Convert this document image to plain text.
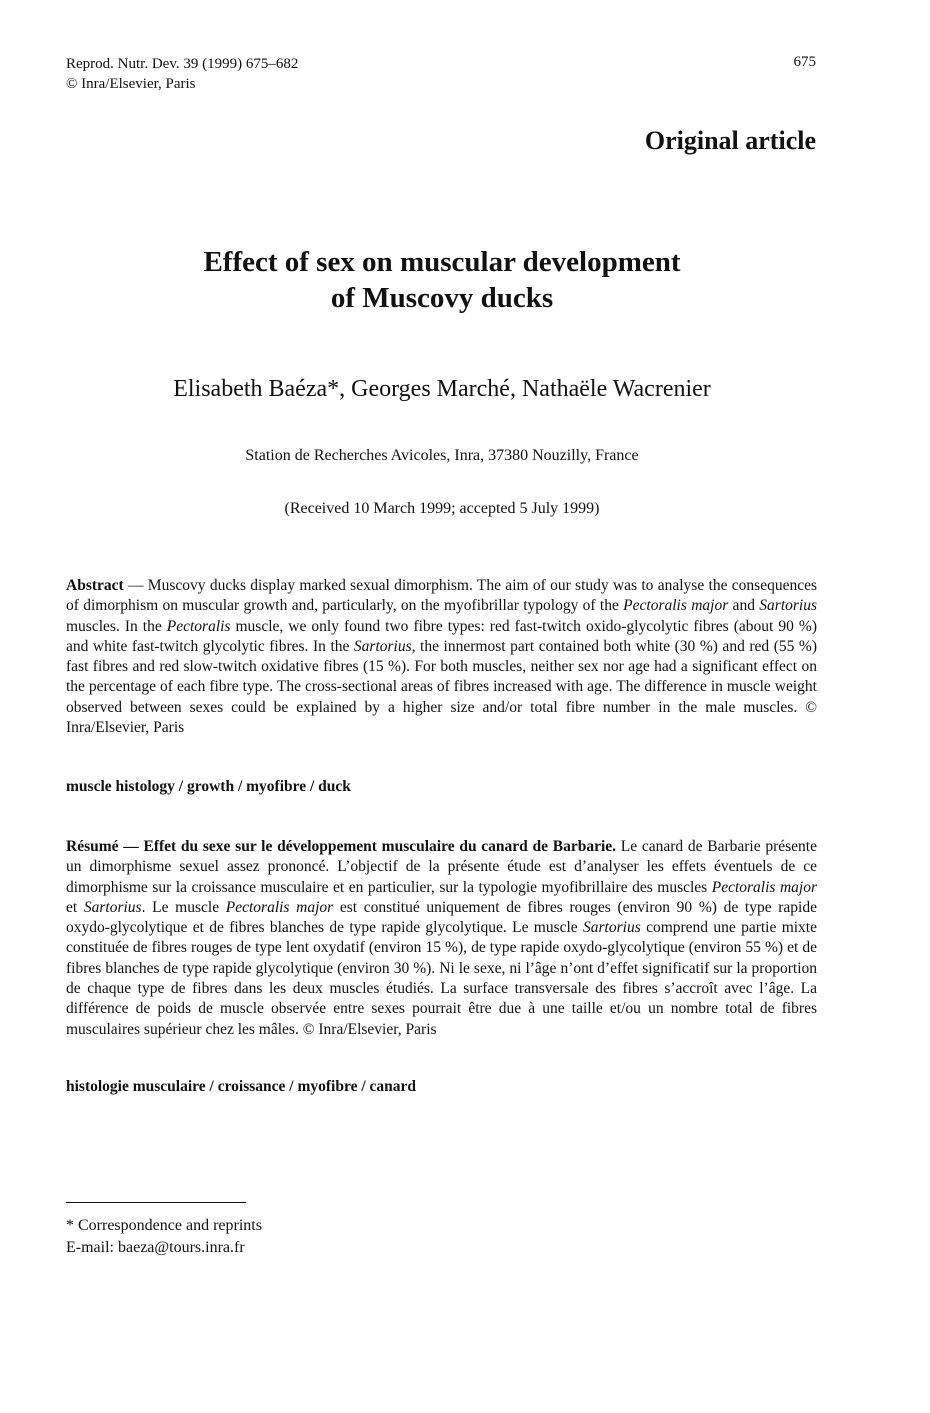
Reprod. Nutr. Dev. 39 (1999) 675–682
© Inra/Elsevier, Paris
675
Original article
Effect of sex on muscular development
of Muscovy ducks
Elisabeth Baéza*, Georges Marché, Nathaële Wacrenier
Station de Recherches Avicoles, Inra, 37380 Nouzilly, France
(Received 10 March 1999; accepted 5 July 1999)
Abstract — Muscovy ducks display marked sexual dimorphism. The aim of our study was to analyse the consequences of dimorphism on muscular growth and, particularly, on the myofibrillar typology of the Pectoralis major and Sartorius muscles. In the Pectoralis muscle, we only found two fibre types: red fast-twitch oxido-glycolytic fibres (about 90 %) and white fast-twitch glycolytic fibres. In the Sartorius, the innermost part contained both white (30 %) and red (55 %) fast fibres and red slow-twitch oxidative fibres (15 %). For both muscles, neither sex nor age had a significant effect on the percentage of each fibre type. The cross-sectional areas of fibres increased with age. The difference in muscle weight observed between sexes could be explained by a higher size and/or total fibre number in the male muscles. © Inra/Elsevier, Paris
muscle histology / growth / myofibre / duck
Résumé — Effet du sexe sur le développement musculaire du canard de Barbarie. Le canard de Barbarie présente un dimorphisme sexuel assez prononcé. L’objectif de la présente étude est d’analyser les effets éventuels de ce dimorphisme sur la croissance musculaire et en particulier, sur la typologie myofibrillaire des muscles Pectoralis major et Sartorius. Le muscle Pectoralis major est constitué uniquement de fibres rouges (environ 90 %) de type rapide oxydo-glycolytique et de fibres blanches de type rapide glycolytique. Le muscle Sartorius comprend une partie mixte constituée de fibres rouges de type lent oxydatif (environ 15 %), de type rapide oxydo-glycolytique (environ 55 %) et de fibres blanches de type rapide glycolytique (environ 30 %). Ni le sexe, ni l’âge n’ont d’effet significatif sur la proportion de chaque type de fibres dans les deux muscles étudiés. La surface transversale des fibres s’accroît avec l’âge. La différence de poids de muscle observée entre sexes pourrait être due à une taille et/ou un nombre total de fibres musculaires supérieur chez les mâles. © Inra/Elsevier, Paris
histologie musculaire / croissance / myofibre / canard
* Correspondence and reprints
E-mail: baeza@tours.inra.fr
